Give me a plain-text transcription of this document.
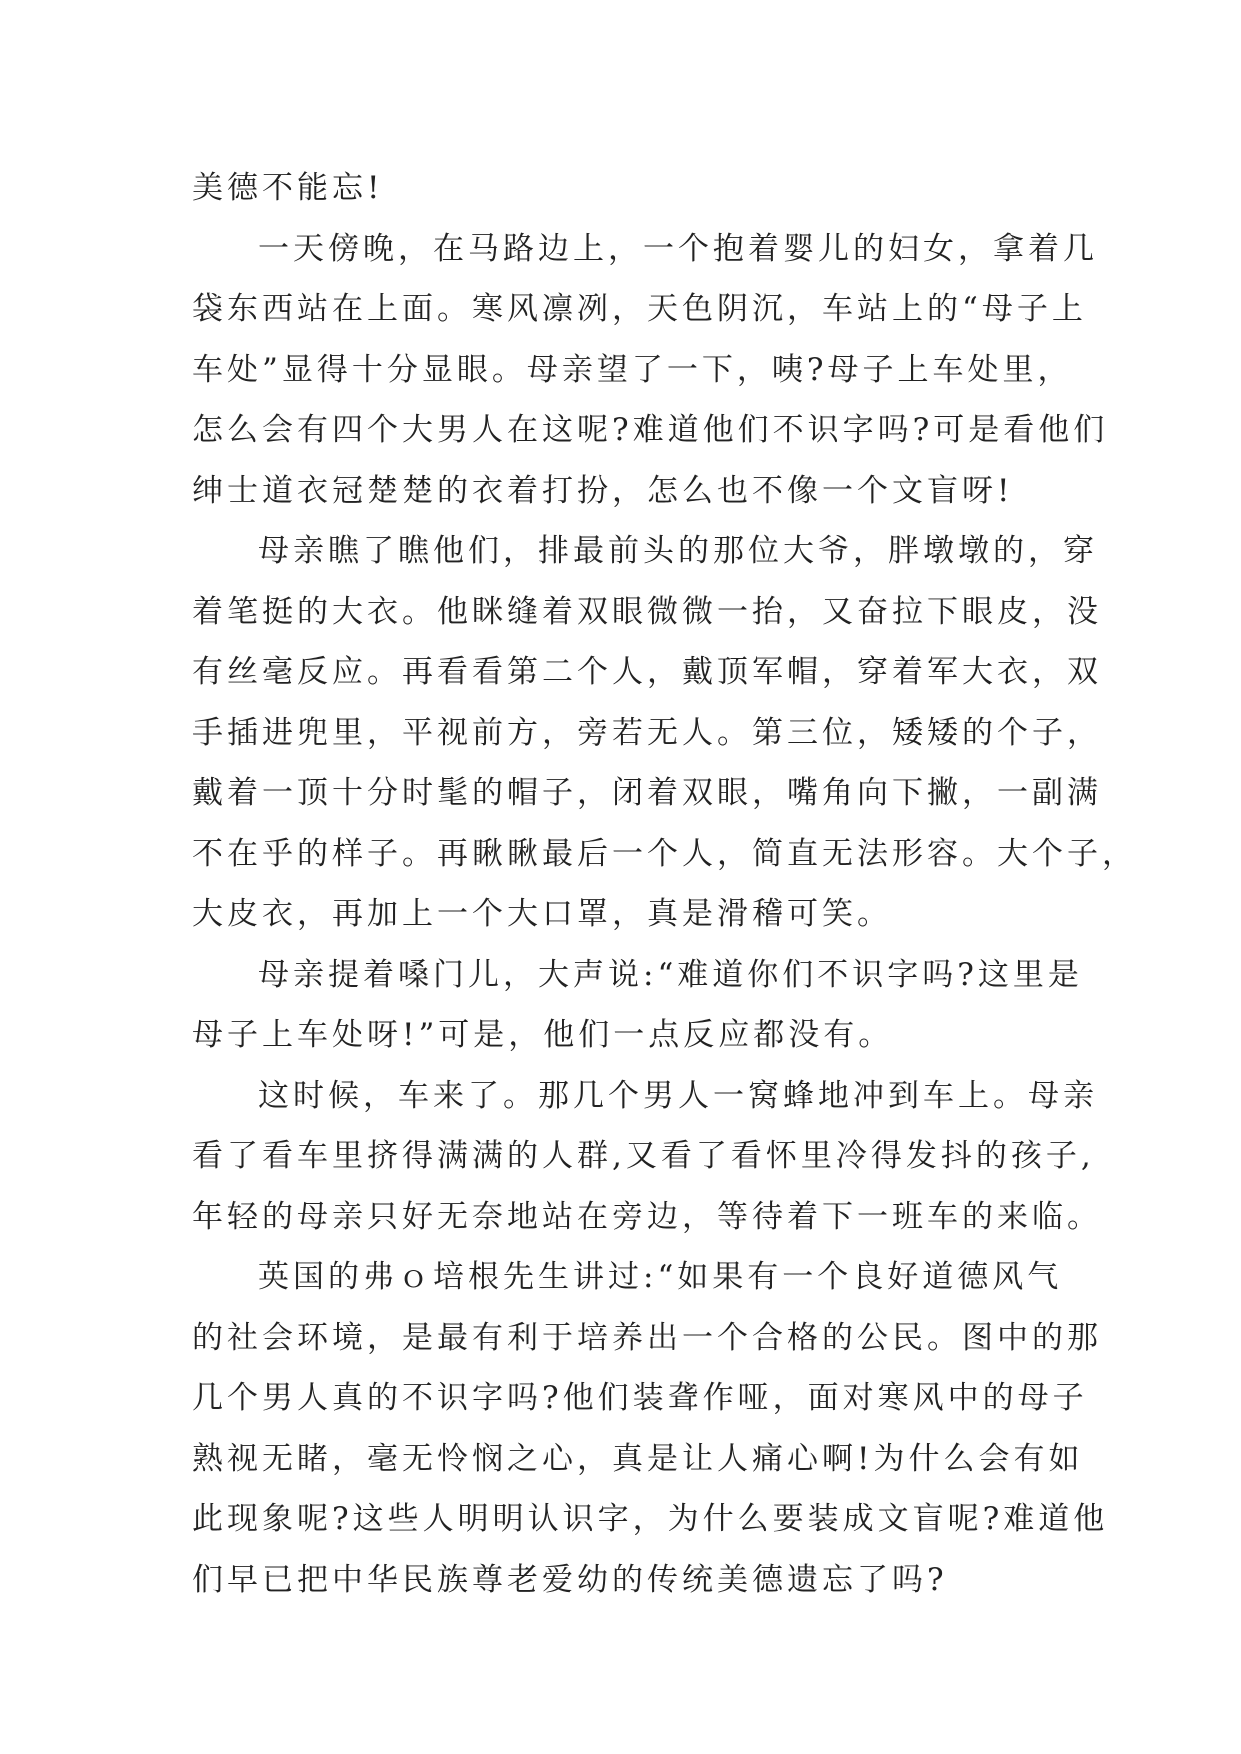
美德不能忘!
一天傍晚，在马路边上，一个抱着婴儿的妇女，拿着几
袋东西站在上面。寒风凛冽，天色阴沉，车站上的“母子上
车处”显得十分显眼。母亲望了一下，咦?母子上车处里，
怎么会有四个大男人在这呢?难道他们不识字吗?可是看他们
绅士道衣冠楚楚的衣着打扮，怎么也不像一个文盲呀!
母亲瞧了瞧他们，排最前头的那位大爷，胖墩墩的，穿
着笔挺的大衣。他眯缝着双眼微微一抬，又奋拉下眼皮，没
有丝毫反应。再看看第二个人，戴顶军帽，穿着军大衣，双
手插进兜里，平视前方，旁若无人。第三位，矮矮的个子，
戴着一顶十分时髦的帽子，闭着双眼，嘴角向下撇，一副满
不在乎的样子。再瞅瞅最后一个人，简直无法形容。大个子，
大皮衣，再加上一个大口罩，真是滑稽可笑。
母亲提着嗓门儿，大声说:“难道你们不识字吗?这里是
母子上车处呀!”可是，他们一点反应都没有。
这时候，车来了。那几个男人一窝蜂地冲到车上。母亲
看了看车里挤得满满的人群,又看了看怀里冷得发抖的孩子,
年轻的母亲只好无奈地站在旁边，等待着下一班车的来临。
英国的弗ｏ培根先生讲过:“如果有一个良好道德风气
的社会环境，是最有利于培养出一个合格的公民。图中的那
几个男人真的不识字吗?他们装聋作哑，面对寒风中的母子
熟视无睹，毫无怜悯之心，真是让人痛心啊!为什么会有如
此现象呢?这些人明明认识字，为什么要装成文盲呢?难道他
们早已把中华民族尊老爱幼的传统美德遗忘了吗?
